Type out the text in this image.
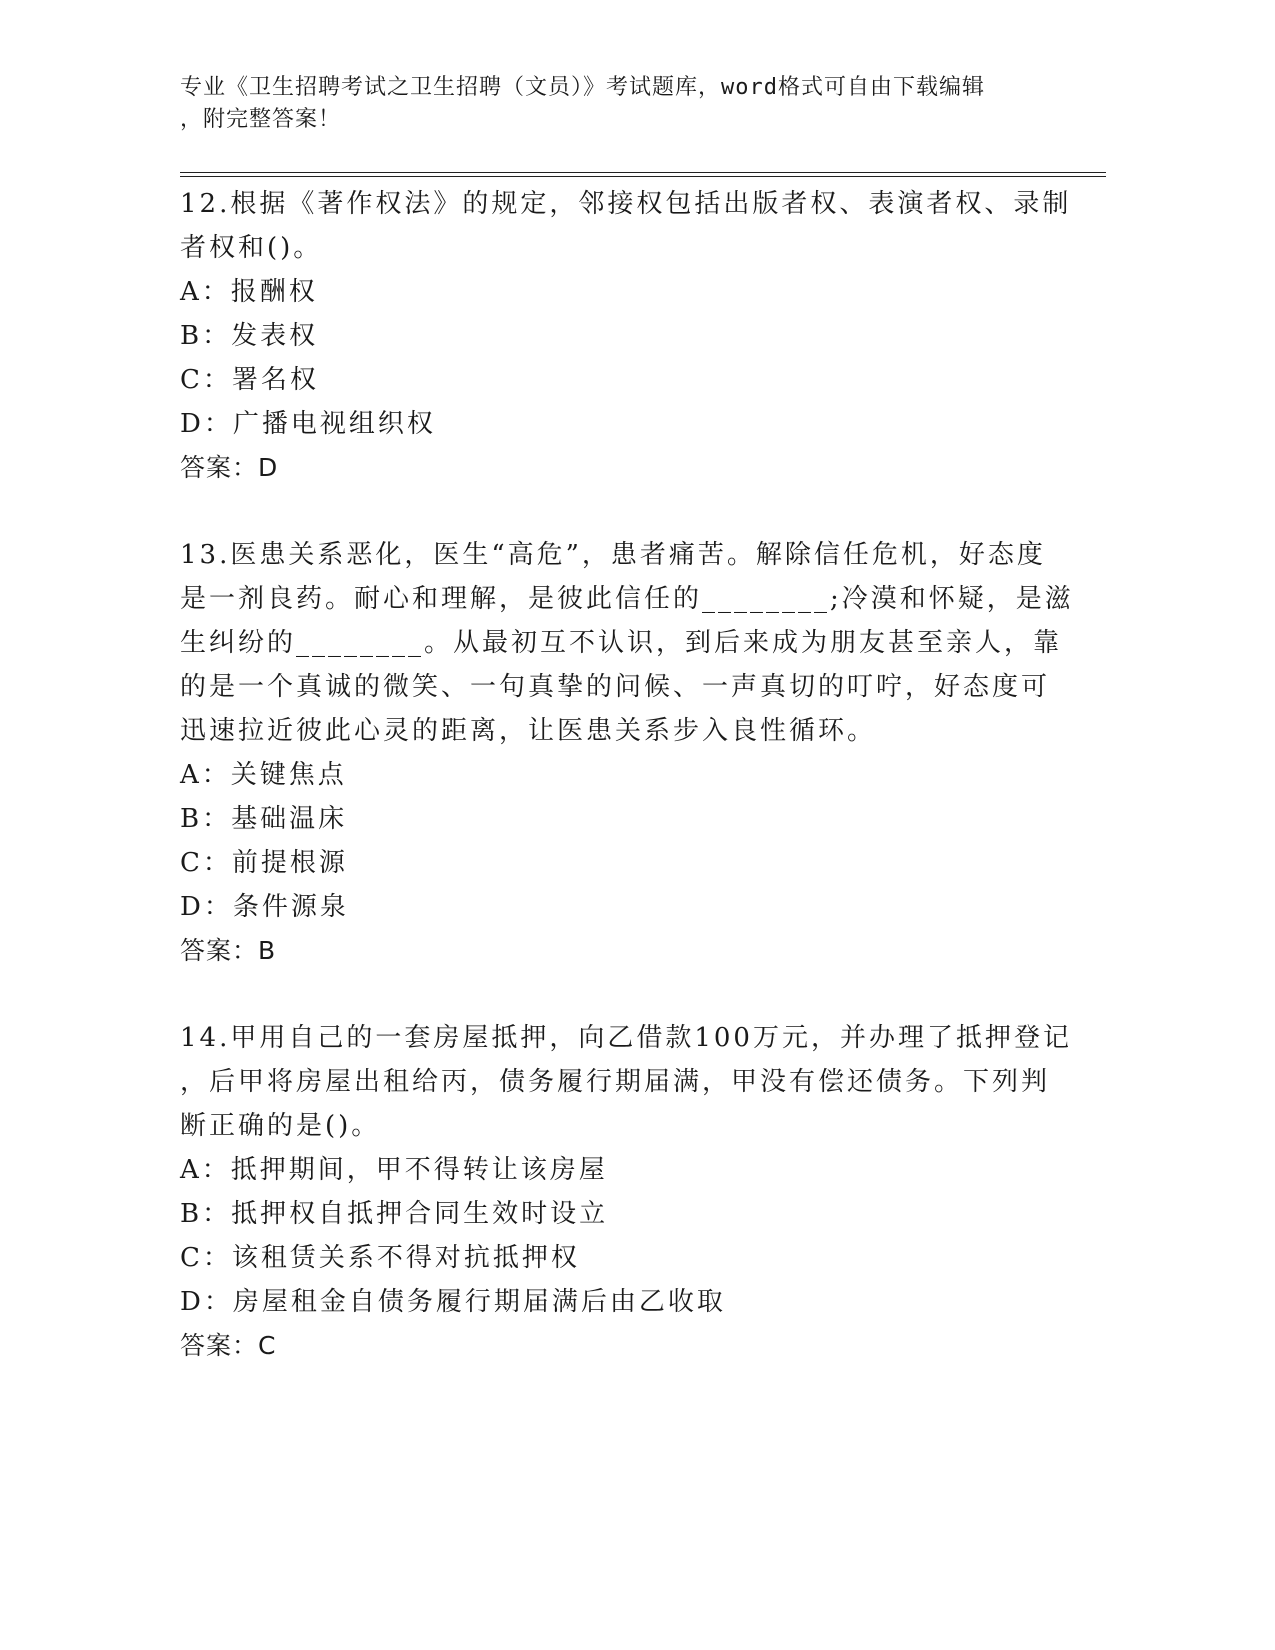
专业《卫生招聘考试之卫生招聘（文员）》考试题库，word格式可自由下载编辑
，附完整答案！
12.根据《著作权法》的规定，邻接权包括出版者权、表演者权、录制
者权和()。
A：报酬权
B：发表权
C：署名权
D：广播电视组织权
答案：D
13.医患关系恶化，医生“高危”，患者痛苦。解除信任危机，好态度
是一剂良药。耐心和理解，是彼此信任的________;冷漠和怀疑，是滋
生纠纷的________。从最初互不认识，到后来成为朋友甚至亲人，靠
的是一个真诚的微笑、一句真挚的问候、一声真切的叮咛，好态度可
迅速拉近彼此心灵的距离，让医患关系步入良性循环。
A：关键焦点
B：基础温床
C：前提根源
D：条件源泉
答案：B
14.甲用自己的一套房屋抵押，向乙借款100万元，并办理了抵押登记
，后甲将房屋出租给丙，债务履行期届满，甲没有偿还债务。下列判
断正确的是()。
A：抵押期间，甲不得转让该房屋
B：抵押权自抵押合同生效时设立
C：该租赁关系不得对抗抵押权
D：房屋租金自债务履行期届满后由乙收取
答案：C
